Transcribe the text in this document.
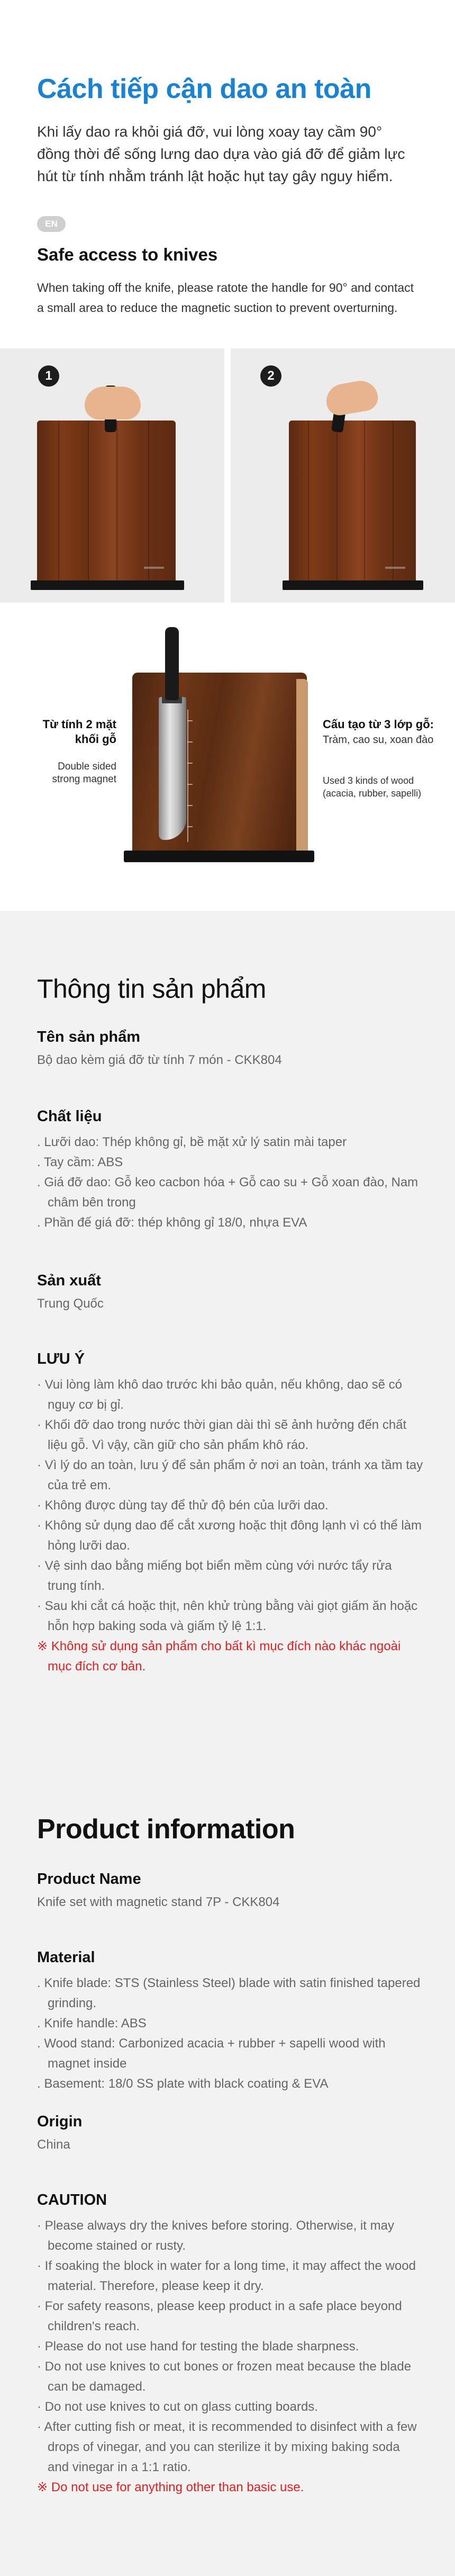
Cách tiếp cận dao an toàn

Khi lấy dao ra khỏi giá đỡ, vui lòng xoay tay cầm 90° đồng thời để sống lưng dao dựa vào giá đỡ để giảm lực hút từ tính nhằm tránh lật hoặc hụt tay gây nguy hiểm.

EN
Safe access to knives

When taking off the knife, please ratote the handle for 90° and contact a small area to reduce the magnetic suction to prevent overturning.

1	2
Từ tính 2 mặt khối gỗ
Double sided strong magnet
Cấu tạo từ 3 lớp gỗ:
Tràm, cao su, xoan đào
Used 3 kinds of wood (acacia, rubber, sapelli)
Thông tin sản phẩm
Tên sản phẩm
Bộ dao kèm giá đỡ từ tính 7 món - CKK804
Chất liệu
. Lưỡi dao: Thép không gỉ, bề mặt xử lý satin mài taper
. Tay cầm: ABS
. Giá đỡ dao: Gỗ keo cacbon hóa + Gỗ cao su + Gỗ xoan đào, Nam châm bên trong
. Phần đế giá đỡ: thép không gỉ 18/0, nhựa EVA
Sản xuất
Trung Quốc
LƯU Ý
· Vui lòng làm khô dao trước khi bảo quản, nếu không, dao sẽ có nguy cơ bị gỉ.
· Khối đỡ dao trong nước thời gian dài thì sẽ ảnh hưởng đến chất liệu gỗ. Vì vậy, cần giữ cho sản phẩm khô ráo.
· Vì lý do an toàn, lưu ý để sản phẩm ở nơi an toàn, tránh xa tầm tay của trẻ em.
· Không được dùng tay để thử độ bén của lưỡi dao.
· Không sử dụng dao để cắt xương hoặc thịt đông lạnh vì có thể làm hỏng lưỡi dao.
· Vệ sinh dao bằng miếng bọt biển mềm cùng với nước tẩy rửa trung tính.
· Sau khi cắt cá hoặc thịt, nên khử trùng bằng vài giọt giấm ăn hoặc hỗn hợp baking soda và giấm tỷ lệ 1:1.
※ Không sử dụng sản phẩm cho bất kì mục đích nào khác ngoài mục đích cơ bản.
Product information
Product Name
Knife set with magnetic stand 7P - CKK804
Material
. Knife blade: STS (Stainless Steel) blade with satin finished tapered grinding.
. Knife handle: ABS
. Wood stand: Carbonized acacia + rubber + sapelli wood with magnet inside
. Basement: 18/0 SS plate with black coating & EVA
Origin
China
CAUTION
· Please always dry the knives before storing. Otherwise, it may become stained or rusty.
· If soaking the block in water for a long time, it may affect the wood material. Therefore, please keep it dry.
· For safety reasons, please keep product in a safe place beyond children's reach.
· Please do not use hand for testing the blade sharpness.
· Do not use knives to cut bones or frozen meat because the blade can be damaged.
· Do not use knives to cut on glass cutting boards.
· After cutting fish or meat, it is recommended to disinfect with a few drops of vinegar, and you can sterilize it by mixing baking soda and vinegar in a 1:1 ratio.
※ Do not use for anything other than basic use.
